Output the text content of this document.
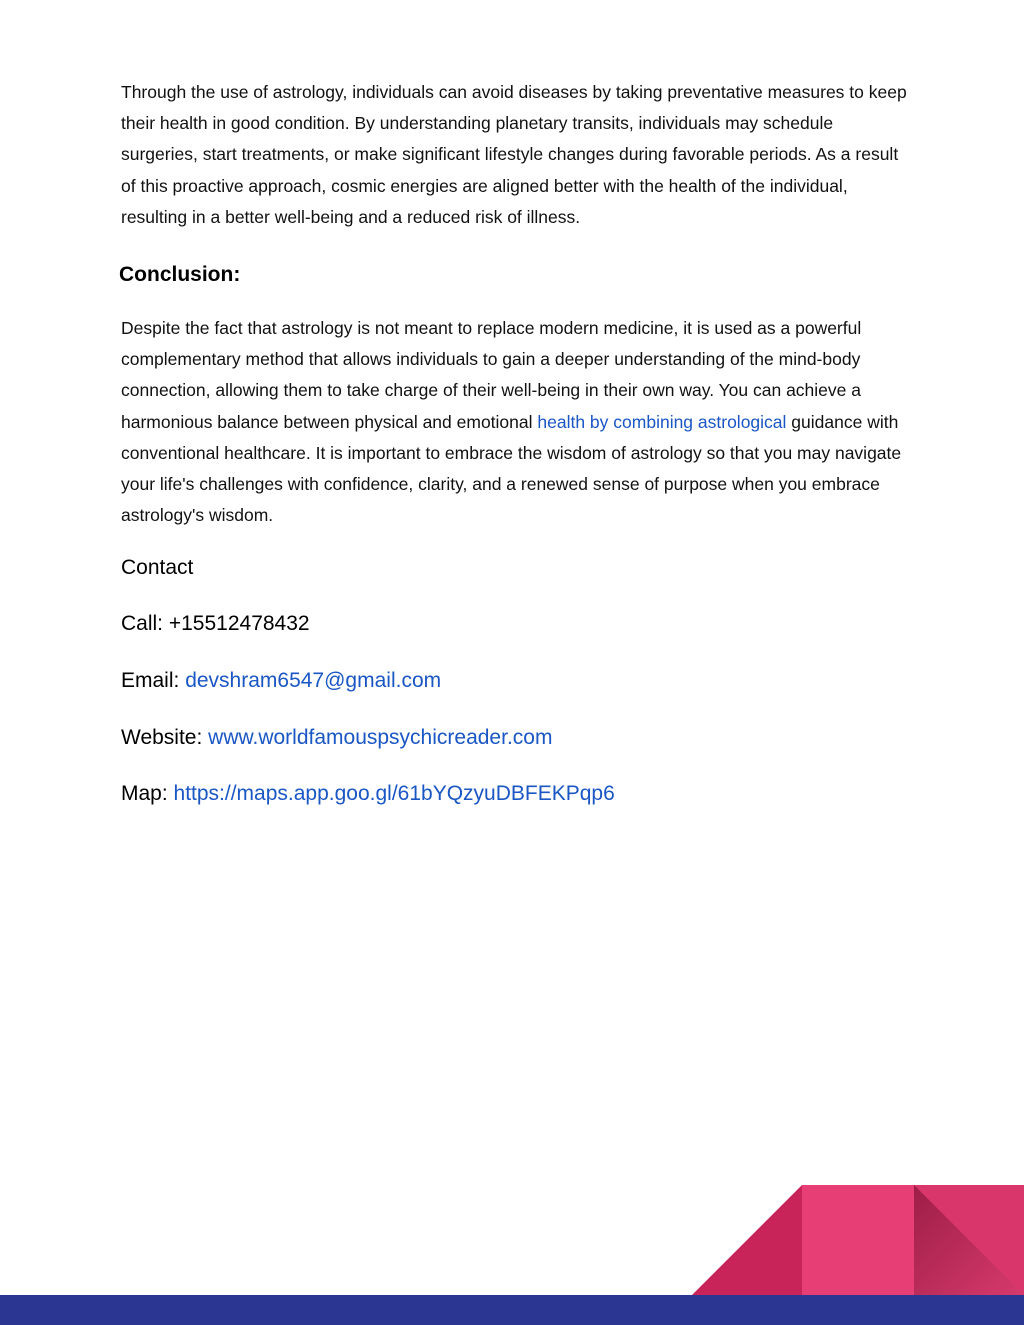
Through the use of astrology, individuals can avoid diseases by taking preventative measures to keep their health in good condition. By understanding planetary transits, individuals may schedule surgeries, start treatments, or make significant lifestyle changes during favorable periods. As a result of this proactive approach, cosmic energies are aligned better with the health of the individual, resulting in a better well-being and a reduced risk of illness.

Conclusion:

Despite the fact that astrology is not meant to replace modern medicine, it is used as a powerful complementary method that allows individuals to gain a deeper understanding of the mind-body connection, allowing them to take charge of their well-being in their own way. You can achieve a harmonious balance between physical and emotional health by combining astrological guidance with conventional healthcare. It is important to embrace the wisdom of astrology so that you may navigate your life's challenges with confidence, clarity, and a renewed sense of purpose when you embrace astrology's wisdom.

Contact

Call: +15512478432

Email: devshram6547@gmail.com

Website: www.worldfamouspsychicreader.com

Map: https://maps.app.goo.gl/61bYQzyuDBFEKPqp6
